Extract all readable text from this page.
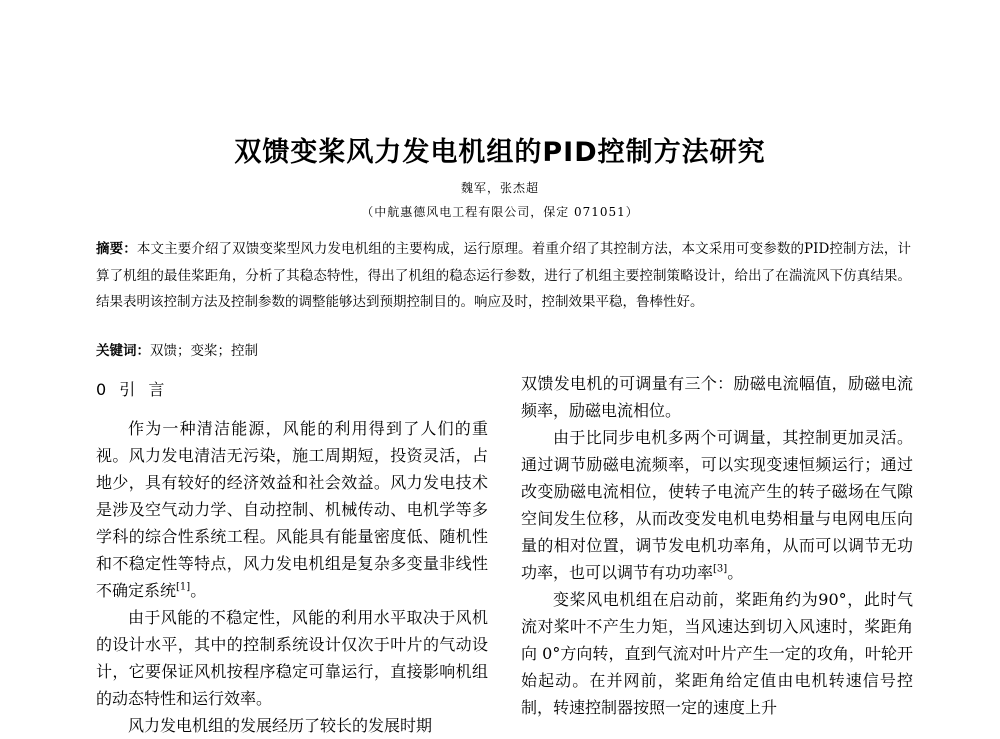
双馈变桨风力发电机组的PID控制方法研究
魏军，张杰超
（中航惠德风电工程有限公司，保定 071051）
摘要：本文主要介绍了双馈变桨型风力发电机组的主要构成，运行原理。着重介绍了其控制方法，本文采用可变参数的PID控制方法，计算了机组的最佳桨距角，分析了其稳态特性，得出了机组的稳态运行参数，进行了机组主要控制策略设计，给出了在湍流风下仿真结果。结果表明该控制方法及控制参数的调整能够达到预期控制目的。响应及时，控制效果平稳，鲁棒性好。
关键词：双馈；变桨；控制

0 引 言

作为一种清洁能源，风能的利用得到了人们的重视。风力发电清洁无污染，施工周期短，投资灵活，占地少，具有较好的经济效益和社会效益。风力发电技术是涉及空气动力学、自动控制、机械传动、电机学等多学科的综合性系统工程。风能具有能量密度低、随机性和不稳定性等特点，风力发电机组是复杂多变量非线性不确定系统[1]。

由于风能的不稳定性，风能的利用水平取决于风机的设计水平，其中的控制系统设计仅次于叶片的气动设计，它要保证风机按程序稳定可靠运行，直接影响机组的动态特性和运行效率。

风力发电机组的发展经历了较长的发展时期

双馈发电机的可调量有三个：励磁电流幅值，励磁电流频率，励磁电流相位。

由于比同步电机多两个可调量，其控制更加灵活。通过调节励磁电流频率，可以实现变速恒频运行；通过改变励磁电流相位，使转子电流产生的转子磁场在气隙空间发生位移，从而改变发电机电势相量与电网电压向量的相对位置，调节发电机功率角，从而可以调节无功功率，也可以调节有功功率[3]。

变桨风电机组在启动前，桨距角约为90°，此时气流对桨叶不产生力矩，当风速达到切入风速时，桨距角向 0°方向转，直到气流对叶片产生一定的攻角，叶轮开始起动。在并网前，桨距角给定值由电机转速信号控制，转速控制器按照一定的速度上升
